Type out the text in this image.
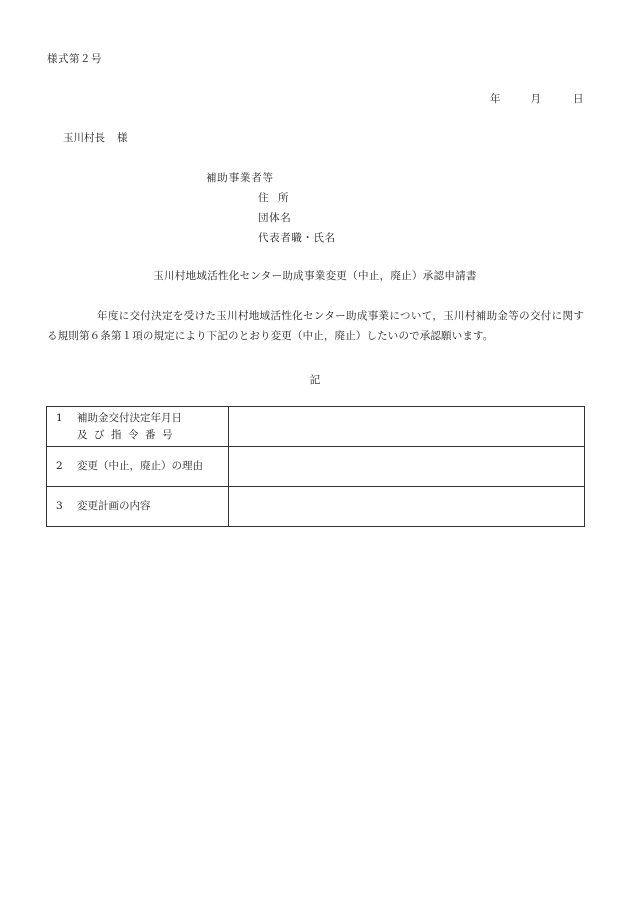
様式第２号
年	月	日
玉川村長 様
補助事業者等
住 所
団体名
代表者職・氏名
玉川村地域活性化センター助成事業変更（中止，廃止）承認申請書
年度に交付決定を受けた玉川村地域活性化センター助成事業について，玉川村補助金等の交付に関する規則第６条第１項の規定により下記のとおり変更（中止，廃止）したいので承認願います。
記
1 補助金交付決定年月日
及び指令番号	

2 変更（中止，廃止）の理由	

3 変更計画の内容	
